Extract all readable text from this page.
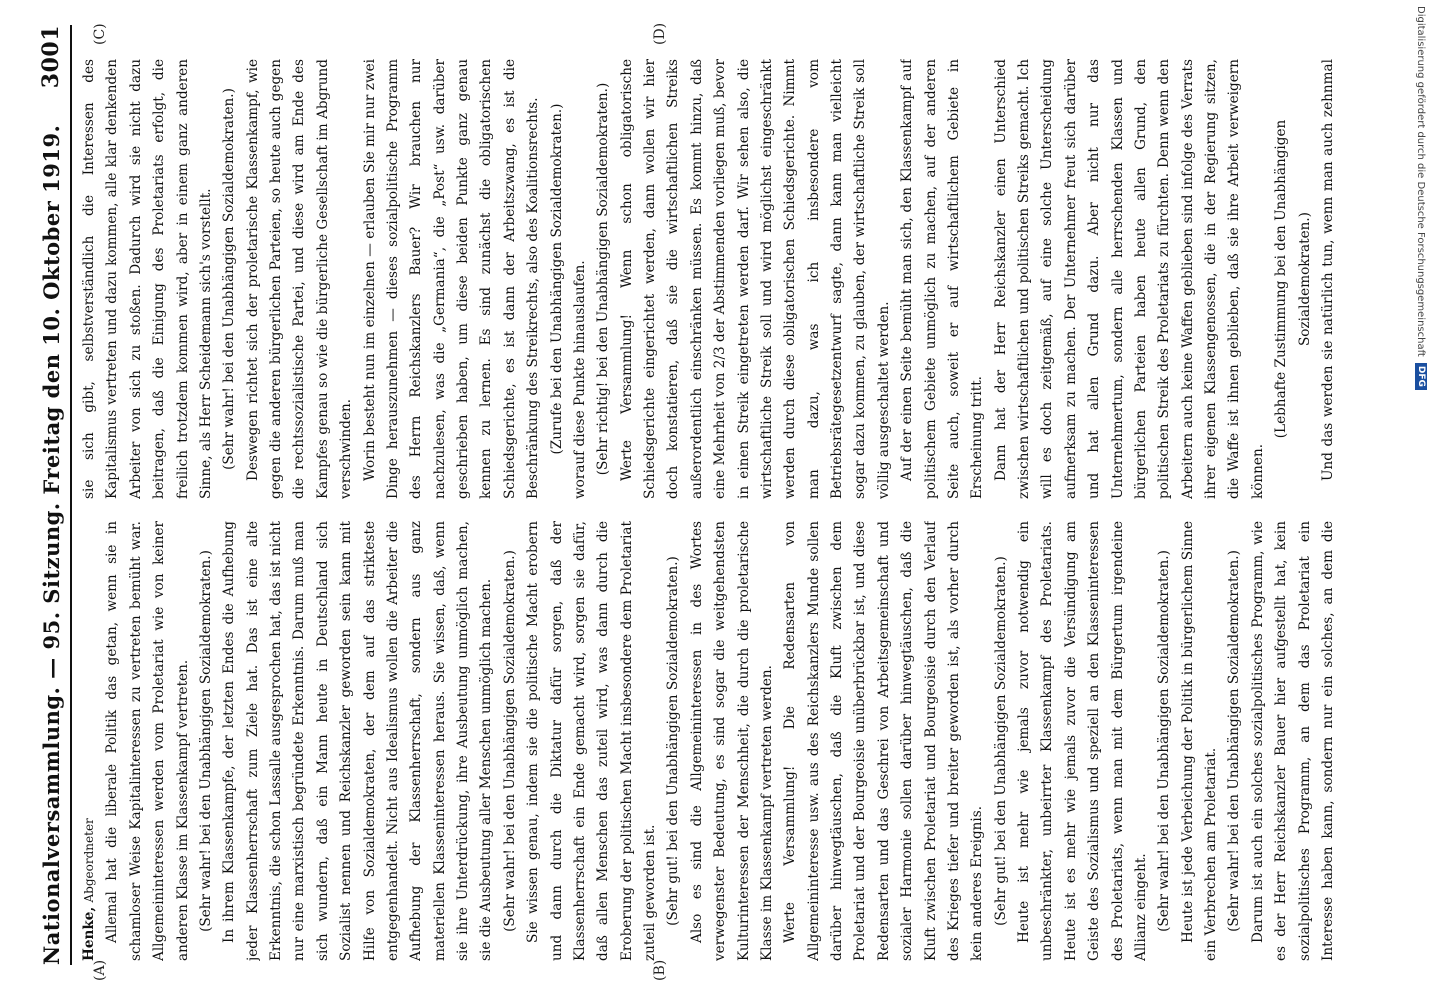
Nationalversammlung. — 95. Sitzung. Freitag den 10. Oktober 1919.
3001
(A)	(B)
(C)	(D)

Henke, Abgeordneter Allemal hat die liberale Politik das getan, wenn sie in schamloser Weise Kapitalinteressen zu vertreten bemüht war. Allgemeininteressen werden vom Proletariat wie von keiner anderen Klasse im Klassenkampf vertreten. (Sehr wahr! bei den Unabhängigen Sozialdemokraten.) In ihrem Klassenkampfe, der letzten Endes die Aufhebung jeder Klassenherrschaft zum Ziele hat. Das ist eine alte Erkenntnis, die schon Lassalle ausgesprochen hat, das ist nicht nur eine marxistisch begründete Erkenntnis. Darum muß man sich wundern, daß ein Mann heute in Deutschland sich Sozialist nennen und Reichskanzler geworden sein kann mit Hilfe von Sozialdemokraten, der dem auf das strikteste entgegenhandelt. Nicht aus Idealismus wollen die Arbeiter die Aufhebung der Klassenherrschaft, sondern aus ganz materiellen Klasseninteressen heraus. Sie wissen, daß, wenn sie ihre Unterdrückung, ihre Ausbeutung unmöglich machen, sie die Ausbeutung aller Menschen unmöglich machen. (Sehr wahr! bei den Unabhängigen Sozialdemokraten.) Sie wissen genau, indem sie die politische Macht erobern und dann durch die Diktatur dafür sorgen, daß der Klassenherrschaft ein Ende gemacht wird, sorgen sie dafür, daß allen Menschen das zuteil wird, was dann durch die Eroberung der politischen Macht insbesondere dem Proletariat zuteil geworden ist. (Sehr gut! bei den Unabhängigen Sozialdemokraten.) Also es sind die Allgemeininteressen in des Wortes verwegenster Bedeutung, es sind sogar die weitgehendsten Kulturinteressen der Menschheit, die durch die proletarische Klasse im Klassenkampf vertreten werden. Werte Versammlung! Die Redensarten von Allgemeininteresse usw. aus des Reichskanzlers Munde sollen darüber hinwegtäuschen, daß die Kluft zwischen dem Proletariat und der Bourgeoisie unüberbrückbar ist, und diese Redensarten und das Geschrei von Arbeitsgemeinschaft und sozialer Harmonie sollen darüber hinwegtäuschen, daß die Kluft zwischen Proletariat und Bourgeoisie durch den Verlauf des Krieges tiefer und breiter geworden ist, als vorher durch kein anderes Ereignis. (Sehr gut! bei den Unabhängigen Sozialdemokraten.) Heute ist mehr wie jemals zuvor notwendig ein unbeschränkter, unbeirrter Klassenkampf des Proletariats. Heute ist es mehr wie jemals zuvor die Versündigung am Geiste des Sozialismus und speziell an den Klasseninteressen des Proletariats, wenn man mit dem Bürgertum irgendeine Allianz eingeht. (Sehr wahr! bei den Unabhängigen Sozialdemokraten.) Heute ist jede Verbeichung der Politik in bürgerlichem Sinne ein Verbrechen am Proletariat. (Sehr wahr! bei den Unabhängigen Sozialdemokraten.) Darum ist auch ein solches sozialpolitisches Programm, wie es der Herr Reichskanzler Bauer hier aufgestellt hat, kein sozialpolitisches Programm, an dem das Proletariat ein Interesse haben kann, sondern nur ein solches, an dem die

sie sich gibt, selbstverständlich die Interessen des Kapitalismus vertreten und dazu kommen, alle klar denkenden Arbeiter von sich zu stoßen. Dadurch wird sie nicht dazu beitragen, daß die Einigung des Proletariats erfolgt, die freilich trotzdem kommen wird, aber in einem ganz anderen Sinne, als Herr Scheidemann sich's vorstellt. (Sehr wahr! bei den Unabhängigen Sozialdemokraten.) Deswegen richtet sich der proletarische Klassenkampf, wie gegen die anderen bürgerlichen Parteien, so heute auch gegen die rechtssozialistische Partei, und diese wird am Ende des Kampfes genau so wie die bürgerliche Gesellschaft im Abgrund verschwinden. Worin besteht nun im einzelnen — erlauben Sie mir nur zwei Dinge herauszunehmen — dieses sozialpolitische Programm des Herrn Reichskanzlers Bauer? Wir brauchen nur nachzulesen, was die „Germania“, die „Post“ usw. darüber geschrieben haben, um diese beiden Punkte ganz genau kennen zu lernen. Es sind zunächst die obligatorischen Schiedsgerichte, es ist dann der Arbeitszwang, es ist die Beschränkung des Streikrechts, also des Koalitionsrechts. (Zurufe bei den Unabhängigen Sozialdemokraten.) worauf diese Punkte hinauslaufen. (Sehr richtig! bei den Unabhängigen Sozialdemokraten.) Werte Versammlung! Wenn schon obligatorische Schiedsgerichte eingerichtet werden, dann wollen wir hier doch konstatieren, daß sie die wirtschaftlichen Streiks außerordentlich einschränken müssen. Es kommt hinzu, daß eine Mehrheit von 2/3 der Abstimmenden vorliegen muß, bevor in einen Streik eingetreten werden darf. Wir sehen also, die wirtschaftliche Streik soll und wird möglichst eingeschränkt werden durch diese obligatorischen Schiedsgerichte. Nimmt man dazu, was ich insbesondere vom Betriebsrätegesetzentwurf sagte, dann kann man vielleicht sogar dazu kommen, zu glauben, der wirtschaftliche Streik soll völlig ausgeschaltet werden. Auf der einen Seite bemüht man sich, den Klassenkampf auf politischem Gebiete unmöglich zu machen, auf der anderen Seite auch, soweit er auf wirtschaftlichem Gebiete in Erscheinung tritt. Dann hat der Herr Reichskanzler einen Unterschied zwischen wirtschaftlichen und politischen Streiks gemacht. Ich will es doch zeitgemäß, auf eine solche Unterscheidung aufmerksam zu machen. Der Unternehmer freut sich darüber und hat allen Grund dazu. Aber nicht nur das Unternehmertum, sondern alle herrschenden Klassen und bürgerlichen Parteien haben heute allen Grund, den politischen Streik des Proletariats zu fürchten. Denn wenn den Arbeitern auch keine Waffen geblieben sind infolge des Verrats ihrer eigenen Klassengenossen, die in der Regierung sitzen, die Waffe ist ihnen geblieben, daß sie ihre Arbeit verweigern können.

(Lebhafte Zustimmung bei den Unabhängigen Sozialdemokraten.)

Und das werden sie natürlich tun, wenn man auch zehnmal	Digitalisierung gefördert durch die Deutsche Forschungsgemeinschaft
DFG
